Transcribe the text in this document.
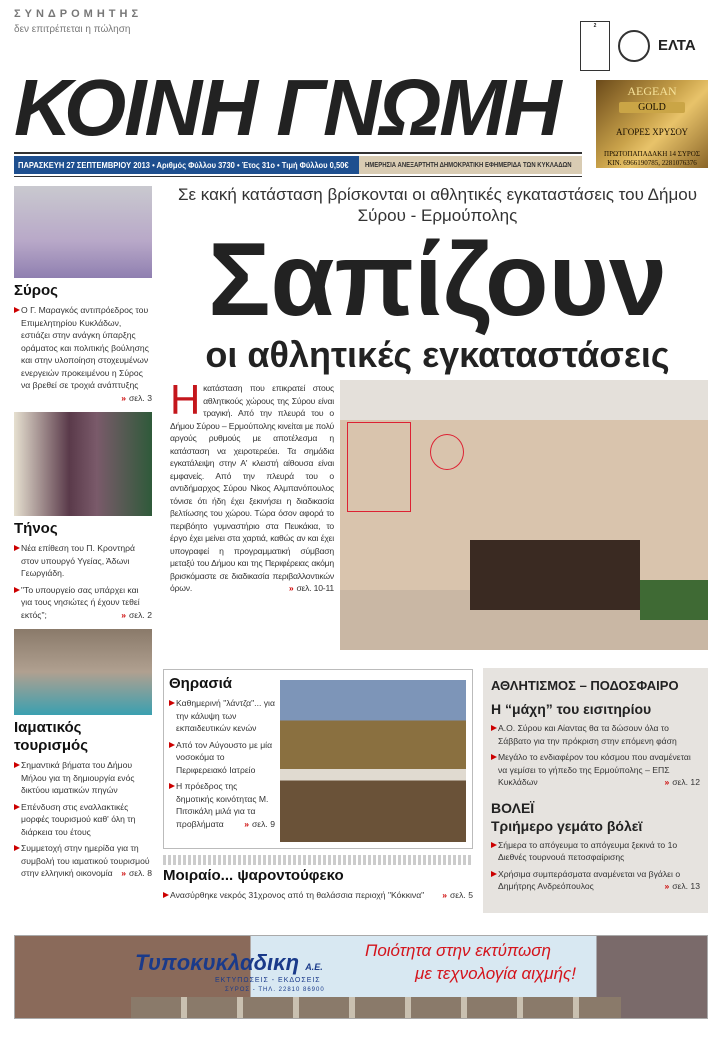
ΣΥΝΔΡΟΜΗΤΗΣ
δεν επιτρέπεται η πώληση	2
ΕΛΤΑ
ΚΟΙΝΗ ΓΝΩΜΗ
ΠΑΡΑΣΚΕΥΗ 27 ΣΕΠΤΕΜΒΡΙΟΥ 2013 • Αριθμός Φύλλου 3730 • Έτος 31ο • Τιμή Φύλλου 0,50€	ΗΜΕΡΗΣΙΑ ΑΝΕΞΑΡΤΗΤΗ ΔΗΜΟΚΡΑΤΙΚΗ ΕΦΗΜΕΡΙΔΑ ΤΩΝ ΚΥΚΛΑΔΩΝ
AEGEAN
GOLD
ΑΓΟΡΕΣ ΧΡΥΣΟΥ
ΠΡΩΤΟΠΑΠΑΔΑΚΗ 14 ΣΥΡΟΣ
ΚΙΝ. 6966190785, 2281076376
Σύρος
Ο Γ. Μαραγκός αντιπρόεδρος του Επιμελητηρίου Κυκλάδων, εστιάζει στην ανάγκη ύπαρξης οράματος και πολιτικής βούλησης και στην υλοποίηση στοχευμένων ενεργειών προκειμένου η Σύρος να βρεθεί σε τροχιά ανάπτυξης
» σελ. 3
Τήνος
Νέα επίθεση του Π. Κροντηρά στον υπουργό Υγείας, Άδωνι Γεωργιάδη.
"Το υπουργείο σας υπάρχει και για τους νησιώτες ή έχουν τεθεί εκτός";	» σελ. 2
Ιαματικός τουρισμός
Σημαντικά βήματα του Δήμου Μήλου για τη δημιουργία ενός δικτύου ιαματικών πηγών
Επένδυση στις εναλλακτικές μορφές τουρισμού καθ' όλη τη διάρκεια του έτους
Συμμετοχή στην ημερίδα για τη συμβολή του ιαματικού τουρισμού στην ελληνική οικονομία	» σελ. 8
Σε κακή κατάσταση βρίσκονται οι αθλητικές εγκαταστάσεις του Δήμου Σύρου - Ερμούπολης
Σαπίζουν
οι αθλητικές εγκαταστάσεις
Ηκατάσταση που επικρατεί στους αθλητικούς χώρους της Σύρου είναι τραγική. Από την πλευρά του ο Δήμου Σύρου – Ερμούπολης κινείται με πολύ αργούς ρυθμούς με αποτέλεσμα η κατάσταση να χειροτερεύει. Τα σημάδια εγκατάλειψη στην Α' κλειστή αίθουσα είναι εμφανείς. Από την πλευρά του ο αντιδήμαρχος Σύρου Νίκος Αλμπανόπουλος τόνισε ότι ήδη έχει ξεκινήσει η διαδικασία βελτίωσης του χώρου. Τώρα όσον αφορά το περιβόητο γυμναστήριο στα Πευκάκια, το έργο έχει μείνει στα χαρτιά, καθώς αν και έχει υπογραφεί η προγραμματική σύμβαση μεταξύ του Δήμου και της Περιφέρειας ακόμη βρισκόμαστε σε διαδικασία περιβαλλοντικών όρων.	» σελ. 10-11
Θηρασιά
Καθημερινή "λάντζα"... για την κάλυψη των εκπαιδευτικών κενών
Από τον Αύγουστο με μία νοσοκόμα το Περιφερειακό Ιατρείο
Η πρόεδρος της δημοτικής κοινότητας Μ. Πιτσικάλη μιλά για τα προβλήματα	» σελ. 9
Μοιραίο... ψαροντούφεκο
Ανασύρθηκε νεκρός 31χρονος από τη θαλάσσια περιοχή "Κόκκινα"	» σελ. 5
ΑΘΛΗΤΙΣΜΟΣ – ΠΟΔΟΣΦΑΙΡΟ
Η “μάχη” του εισιτηρίου
Α.Ο. Σύρου και Αίαντας θα τα δώσουν όλα το Σάββατο για την πρόκριση στην επόμενη φάση
Μεγάλο το ενδιαφέρον του κόσμου που αναμένεται να γεμίσει το γήπεδο της Ερμούπολης – ΕΠΣ Κυκλάδων	» σελ. 12
ΒΟΛΕΪ
Τριήμερο γεμάτο βόλεϊ
Σήμερα το απόγευμα το απόγευμα ξεκινά το 1ο Διεθνές τουρνουά πετοσφαίρισης
Χρήσιμα συμπεράσματα αναμένεται να βγάλει ο Δημήτρης Ανδρεόπουλος	» σελ. 13
Τυποκυκλαδικη Α.Ε.
ΕΚΤΥΠΩΣΕΙΣ - ΕΚΔΟΣΕΙΣ
ΣΥΡΟΣ - ΤΗΛ. 22810 86900
Ποιότητα στην εκτύπωση
με τεχνολογία αιχμής!
